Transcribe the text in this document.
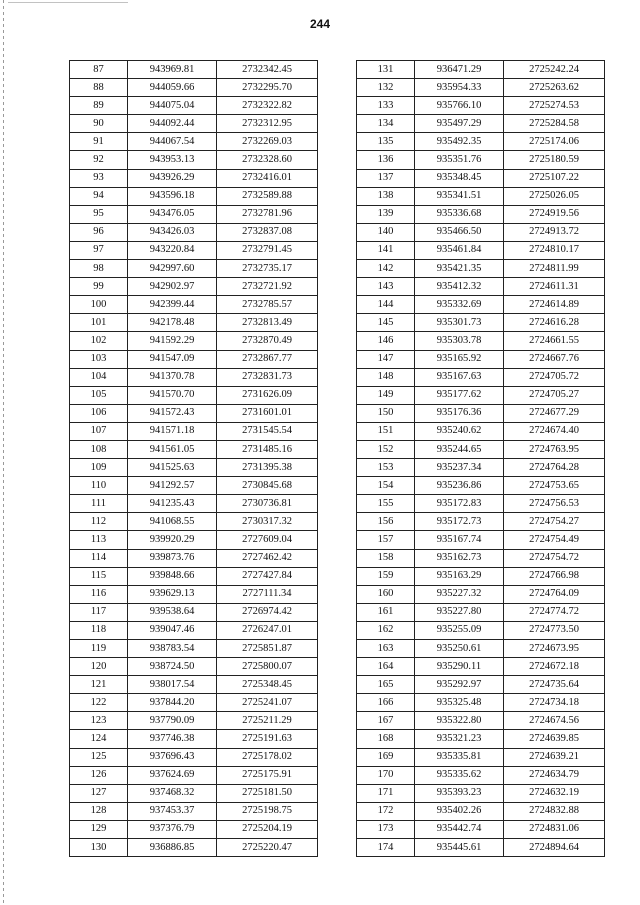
244
87	943969.81	2732342.45
88	944059.66	2732295.70
89	944075.04	2732322.82
90	944092.44	2732312.95
91	944067.54	2732269.03
92	943953.13	2732328.60
93	943926.29	2732416.01
94	943596.18	2732589.88
95	943476.05	2732781.96
96	943426.03	2732837.08
97	943220.84	2732791.45
98	942997.60	2732735.17
99	942902.97	2732721.92
100	942399.44	2732785.57
101	942178.48	2732813.49
102	941592.29	2732870.49
103	941547.09	2732867.77
104	941370.78	2732831.73
105	941570.70	2731626.09
106	941572.43	2731601.01
107	941571.18	2731545.54
108	941561.05	2731485.16
109	941525.63	2731395.38
110	941292.57	2730845.68
111	941235.43	2730736.81
112	941068.55	2730317.32
113	939920.29	2727609.04
114	939873.76	2727462.42
115	939848.66	2727427.84
116	939629.13	2727111.34
117	939538.64	2726974.42
118	939047.46	2726247.01
119	938783.54	2725851.87
120	938724.50	2725800.07
121	938017.54	2725348.45
122	937844.20	2725241.07
123	937790.09	2725211.29
124	937746.38	2725191.63
125	937696.43	2725178.02
126	937624.69	2725175.91
127	937468.32	2725181.50
128	937453.37	2725198.75
129	937376.79	2725204.19
130	936886.85	2725220.47
131	936471.29	2725242.24
132	935954.33	2725263.62
133	935766.10	2725274.53
134	935497.29	2725284.58
135	935492.35	2725174.06
136	935351.76	2725180.59
137	935348.45	2725107.22
138	935341.51	2725026.05
139	935336.68	2724919.56
140	935466.50	2724913.72
141	935461.84	2724810.17
142	935421.35	2724811.99
143	935412.32	2724611.31
144	935332.69	2724614.89
145	935301.73	2724616.28
146	935303.78	2724661.55
147	935165.92	2724667.76
148	935167.63	2724705.72
149	935177.62	2724705.27
150	935176.36	2724677.29
151	935240.62	2724674.40
152	935244.65	2724763.95
153	935237.34	2724764.28
154	935236.86	2724753.65
155	935172.83	2724756.53
156	935172.73	2724754.27
157	935167.74	2724754.49
158	935162.73	2724754.72
159	935163.29	2724766.98
160	935227.32	2724764.09
161	935227.80	2724774.72
162	935255.09	2724773.50
163	935250.61	2724673.95
164	935290.11	2724672.18
165	935292.97	2724735.64
166	935325.48	2724734.18
167	935322.80	2724674.56
168	935321.23	2724639.85
169	935335.81	2724639.21
170	935335.62	2724634.79
171	935393.23	2724632.19
172	935402.26	2724832.88
173	935442.74	2724831.06
174	935445.61	2724894.64
